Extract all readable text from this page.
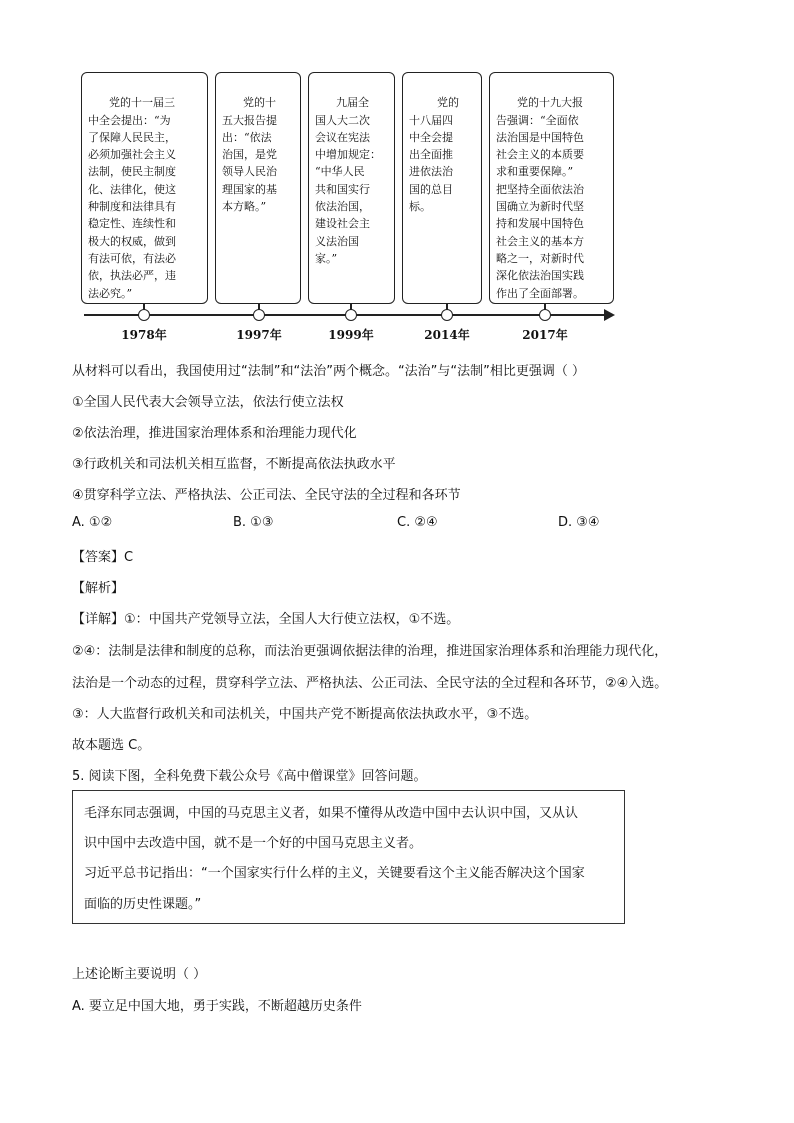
党的十一届三
中全会提出：“为
了保障人民民主，
必须加强社会主义
法制，使民主制度
化、法律化，使这
种制度和法律具有
稳定性、连续性和
极大的权威，做到
有法可依，有法必
依，执法必严，违
法必究。”

党的十
五大报告提
出：“依法
治国，是党
领导人民治
理国家的基
本方略。”

九届全
国人大二次
会议在宪法
中增加规定：
“中华人民
共和国实行
依法治国，
建设社会主
义法治国
家。”

党的
十八届四
中全会提
出全面推
进依法治
国的总目
标。

党的十九大报
告强调：“全面依
法治国是中国特色
社会主义的本质要
求和重要保障。”
把坚持全面依法治
国确立为新时代坚
持和发展中国特色
社会主义的基本方
略之一，对新时代
深化依法治国实践
作出了全面部署。

1978年	1997年	1999年	2014年	2017年
从材料可以看出，我国使用过“法制”和“法治”两个概念。“法治”与“法制”相比更强调（ ）
①全国人民代表大会领导立法，依法行使立法权
②依法治理，推进国家治理体系和治理能力现代化
③行政机关和司法机关相互监督，不断提高依法执政水平
④贯穿科学立法、严格执法、公正司法、全民守法的全过程和各环节
A. ①②	B. ①③	C. ②④	D. ③④
【答案】C
【解析】
【详解】①：中国共产党领导立法，全国人大行使立法权，①不选。
②④：法制是法律和制度的总称，而法治更强调依据法律的治理，推进国家治理体系和治理能力现代化，
法治是一个动态的过程，贯穿科学立法、严格执法、公正司法、全民守法的全过程和各环节，②④入选。
③：人大监督行政机关和司法机关，中国共产党不断提高依法执政水平，③不选。
故本题选 C。
5. 阅读下图，全科免费下载公众号《高中僧课堂》回答问题。
毛泽东同志强调，中国的马克思主义者，如果不懂得从改造中国中去认识中国，又从认
识中国中去改造中国，就不是一个好的中国马克思主义者。
习近平总书记指出：“一个国家实行什么样的主义，关键要看这个主义能否解决这个国家
面临的历史性课题。”
上述论断主要说明（ ）
A. 要立足中国大地，勇于实践，不断超越历史条件
